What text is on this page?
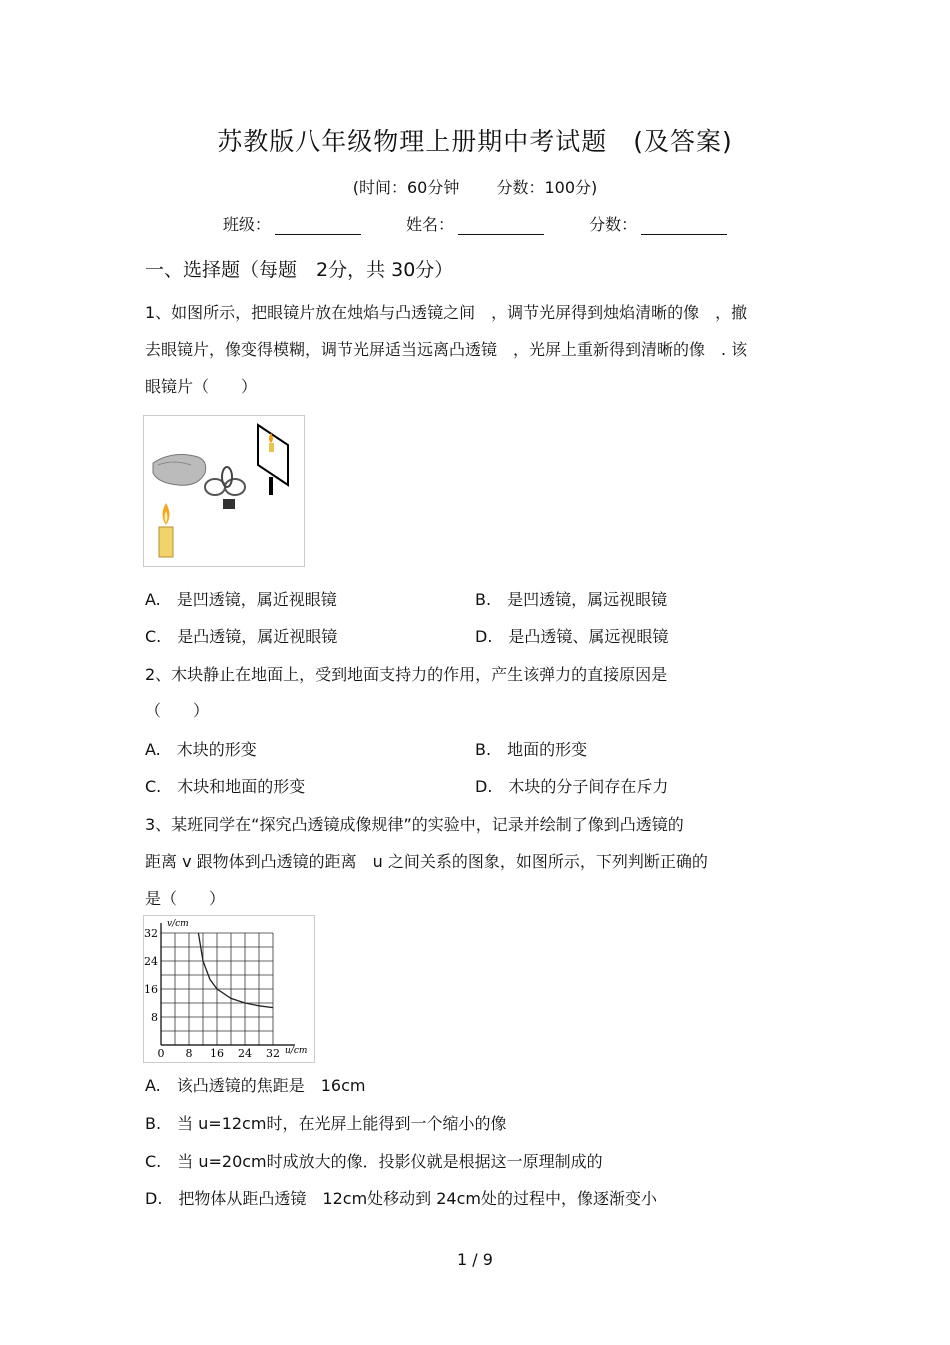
苏教版八年级物理上册期中考试题　(及答案)
(时间：60分钟 分数：100分)
班级：	姓名：	分数：
一、选择题（每题　2分，共 30分）
1、如图所示，把眼镜片放在烛焰与凸透镜之间　，调节光屏得到烛焰清晰的像　，撤
去眼镜片，像变得模糊，调节光屏适当远离凸透镜　，光屏上重新得到清晰的像　. 该
眼镜片（　　）
A.　是凹透镜，属近视眼镜	B.　是凹透镜，属远视眼镜
C.　是凸透镜，属近视眼镜	D.　是凸透镜、属远视眼镜
2、木块静止在地面上，受到地面支持力的作用，产生该弹力的直接原因是
（　　）
A.　木块的形变	B.　地面的形变
C.　木块和地面的形变	D.　木块的分子间存在斥力
3、某班同学在“探究凸透镜成像规律”的实验中，记录并绘制了像到凸透镜的
距离 v 跟物体到凸透镜的距离　u 之间关系的图象，如图所示，下列判断正确的
是（　　）
0 8 16 24 32
32
24
16
8
v/cm
u/cm
A.　该凸透镜的焦距是　16cm
B.　当 u=12cm时，在光屏上能得到一个缩小的像
C.　当 u=20cm时成放大的像．投影仪就是根据这一原理制成的
D.　把物体从距凸透镜　12cm处移动到 24cm处的过程中，像逐渐变小
1 / 9
